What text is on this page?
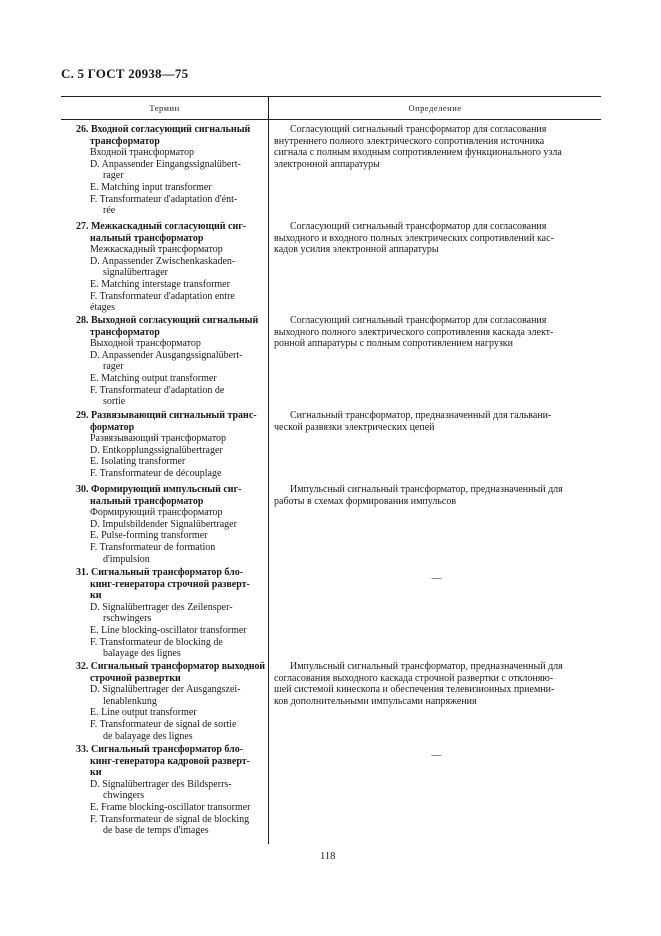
С. 5 ГОСТ 20938—75
Термин	Определение
26. Входной согласующий сигнальный
трансформатор
Входной трансформатор
D. Anpassender Eingangssignalübert-
rager
E. Matching input transformer
F. Transformateur d'adaptation d'ént-
rée
Согласующий сигнальный трансформатор для согласования
внутреннего полного электрического сопротивления источника
сигнала с полным входным сопротивлением функционального узла
электронной аппаратуры
27. Межкаскадный согласующий сиг-
нальный трансформатор
Межкаскадный трансформатор
D. Anpassender Zwischenkaskaden-
signalübertrager
E. Matching interstage transformer
F. Transformateur d'adaptation entre
étages
Согласующий сигнальный трансформатор для согласования
выходного и входного полных электрических сопротивлений кас-
кадов усилия электронной аппаратуры
28. Выходной согласующий сигнальный
трансформатор
Выходной трансформатор
D. Anpassender Ausgangssignalübert-
rager
E. Matching output transformer
F. Transformateur d'adaptation de
sortie
Согласующий сигнальный трансформатор для согласования
выходного полного электрического сопротивления каскада элект-
ронной аппаратуры с полным сопротивлением нагрузки
29. Развязывающий сигнальный транс-
форматор
Развязывающий трансформатор
D. Entkopplungssignalübertrager
E. Isolating transformer
F. Transformateur de découplage
Сигнальный трансформатор, предназначенный для гальвани-
ческой развязки электрических цепей
30. Формирующий импульсный сиг-
нальный трансформатор
Формирующий трансформатор
D. Impulsbildender Signalübertrager
E. Pulse-forming transformer
F. Transformateur de formation
d'impulsion
Импульсный сигнальный трансформатор, предназначенный для
работы в схемах формирования импульсов
31. Сигнальный трансформатор бло-
кинг-генератора строчной разверт-
ки
D. Signalübertrager des Zeilensper-
rschwingers
E. Line blocking-oscillator transformer
F. Transformateur de blocking de
balayage des lignes
—
32. Сигнальный трансформатор выходной
строчной развертки
D. Signalübertrager der Ausgangszei-
lenablenkung
E. Line output transformer
F. Transformateur de signal de sortie
de balayage des lignes
Импульсный сигнальный трансформатор, предназначенный для
согласования выходного каскада строчной развертки с отклоняю-
шей системой кинескопа и обеспечения телевизионных приемни-
ков дополнительными импульсами напряжения
33. Сигнальный трансформатор бло-
кинг-генератора кадровой разверт-
ки
D. Signalübertrager des Bildsperrs-
chwingers
E. Frame blocking-oscillator transormer
F. Transformateur de signal de blocking
de base de temps d'images
—
118
